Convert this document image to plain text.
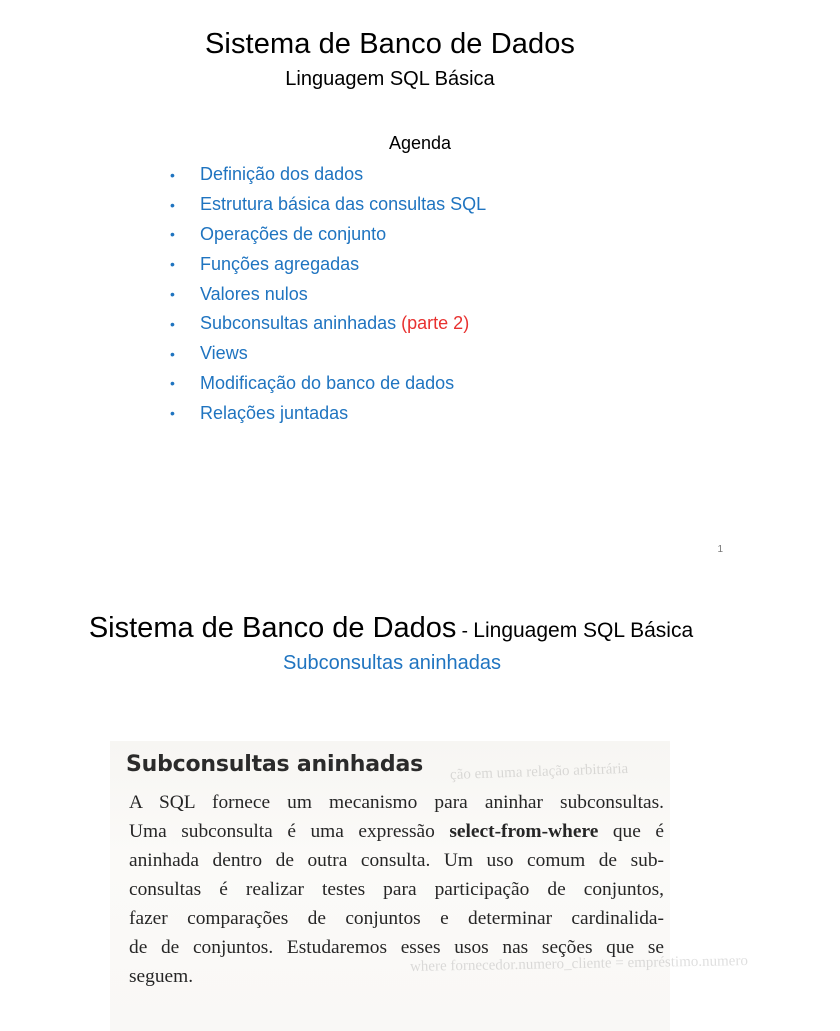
Sistema de Banco de Dados
Linguagem SQL Básica
Agenda
•	Definição dos dados
•	Estrutura básica das consultas SQL
•	Operações de conjunto
•	Funções agregadas
•	Valores nulos
•	Subconsultas aninhadas (parte 2)
•	Views
•	Modificação do banco de dados
•	Relações juntadas
1
Sistema de Banco de Dados - Linguagem SQL Básica
Subconsultas aninhadas
ção em uma relação arbitrária
where fornecedor.numero_cliente = empréstimo.numero
Subconsultas aninhadas
A SQL fornece um mecanismo para aninhar subconsultas.
Uma subconsulta é uma expressão select-from-where que é
aninhada dentro de outra consulta. Um uso comum de sub-
consultas é realizar testes para participação de conjuntos,
fazer comparações de conjuntos e determinar cardinalida-
de de conjuntos. Estudaremos esses usos nas seções que se
seguem.
